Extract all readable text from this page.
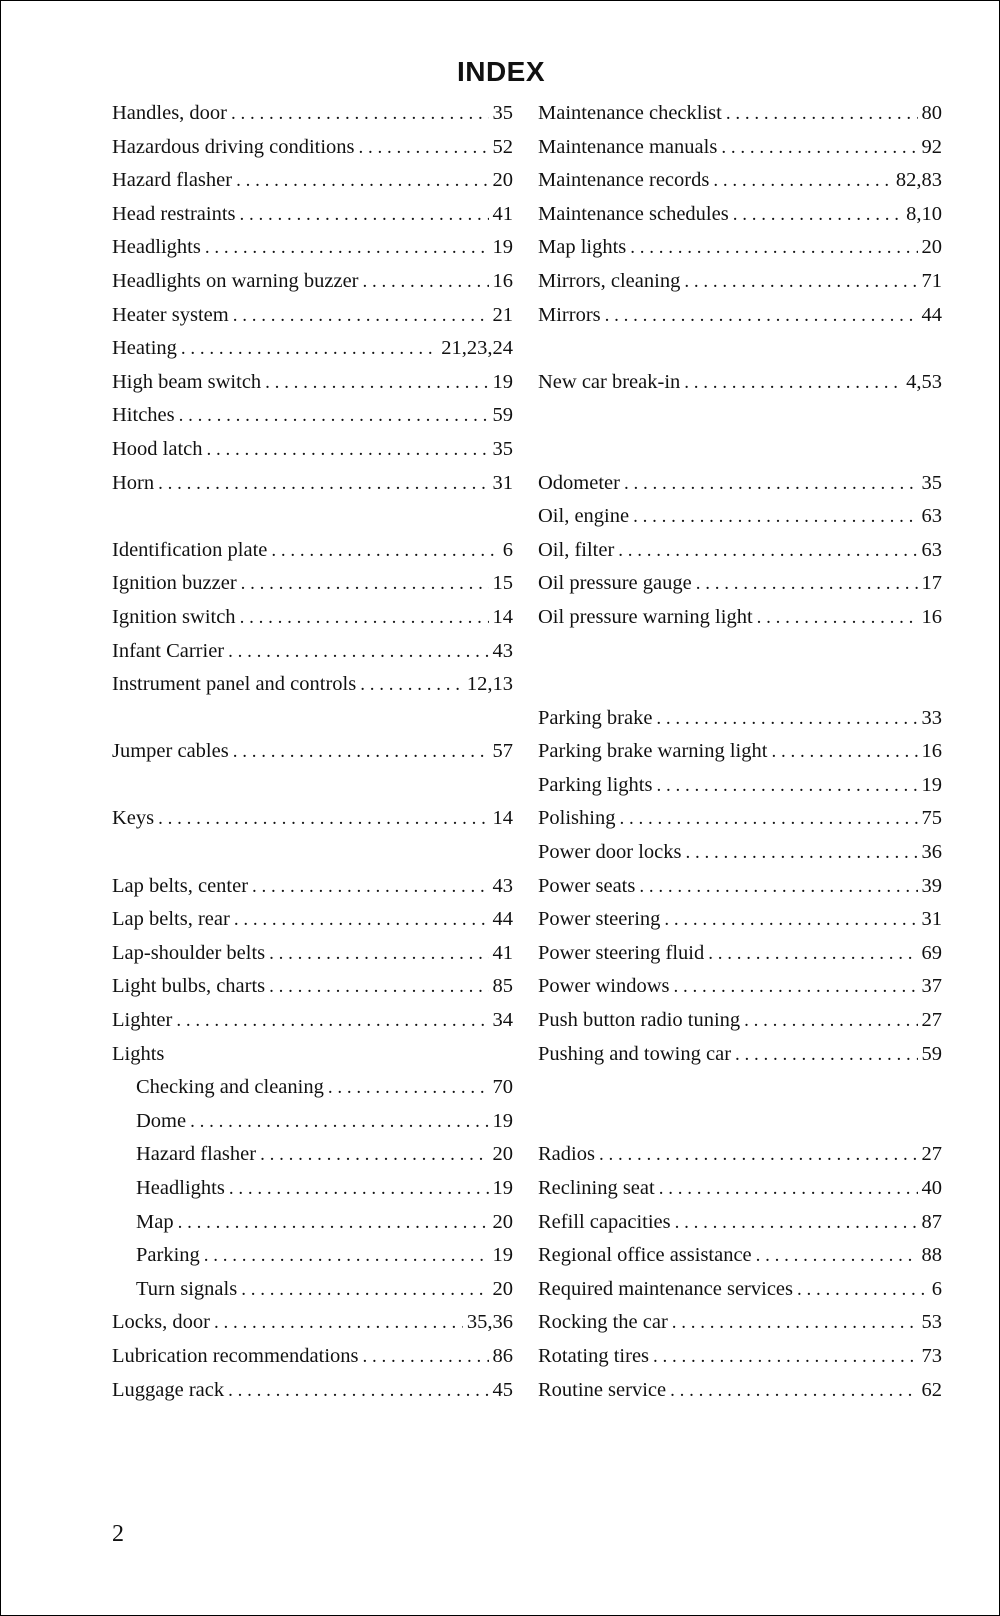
INDEX
Handles, door . . .	35
Hazardous driving conditions . . .	52
Hazard flasher . . .	20
Head restraints . . .	41
Headlights . . .	19
Headlights on warning buzzer . . .	16
Heater system . . .	21
Heating . . .	21,23,24
High beam switch . . .	19
Hitches . . .	59
Hood latch . . .	35
Horn . . .	31
Identification plate . . .	6
Ignition buzzer . . .	15
Ignition switch . . .	14
Infant Carrier . . .	43
Instrument panel and controls . . .	12,13
Jumper cables . . .	57
Keys . . .	14
Lap belts, center . . .	43
Lap belts, rear . . .	44
Lap-shoulder belts . . .	41
Light bulbs, charts . . .	85
Lighter . . .	34
Lights
Checking and cleaning . . .	70
Dome . . .	19
Hazard flasher . . .	20
Headlights . . .	19
Map . . .	20
Parking . . .	19
Turn signals . . .	20
Locks, door . . .	35,36
Lubrication recommendations . . .	86
Luggage rack . . .	45
Maintenance checklist . . .	80
Maintenance manuals . . .	92
Maintenance records . . .	82,83
Maintenance schedules . . .	8,10
Map lights . . .	20
Mirrors, cleaning . . .	71
Mirrors . . .	44
New car break-in . . .	4,53
Odometer . . .	35
Oil, engine . . .	63
Oil, filter . . .	63
Oil pressure gauge . . .	17
Oil pressure warning light . . .	16
Parking brake . . .	33
Parking brake warning light . . .	16
Parking lights . . .	19
Polishing . . .	75
Power door locks . . .	36
Power seats . . .	39
Power steering . . .	31
Power steering fluid . . .	69
Power windows . . .	37
Push button radio tuning . . .	27
Pushing and towing car . . .	59
Radios . . .	27
Reclining seat . . .	40
Refill capacities . . .	87
Regional office assistance . . .	88
Required maintenance services . . .	6
Rocking the car . . .	53
Rotating tires . . .	73
Routine service . . .	62
2
